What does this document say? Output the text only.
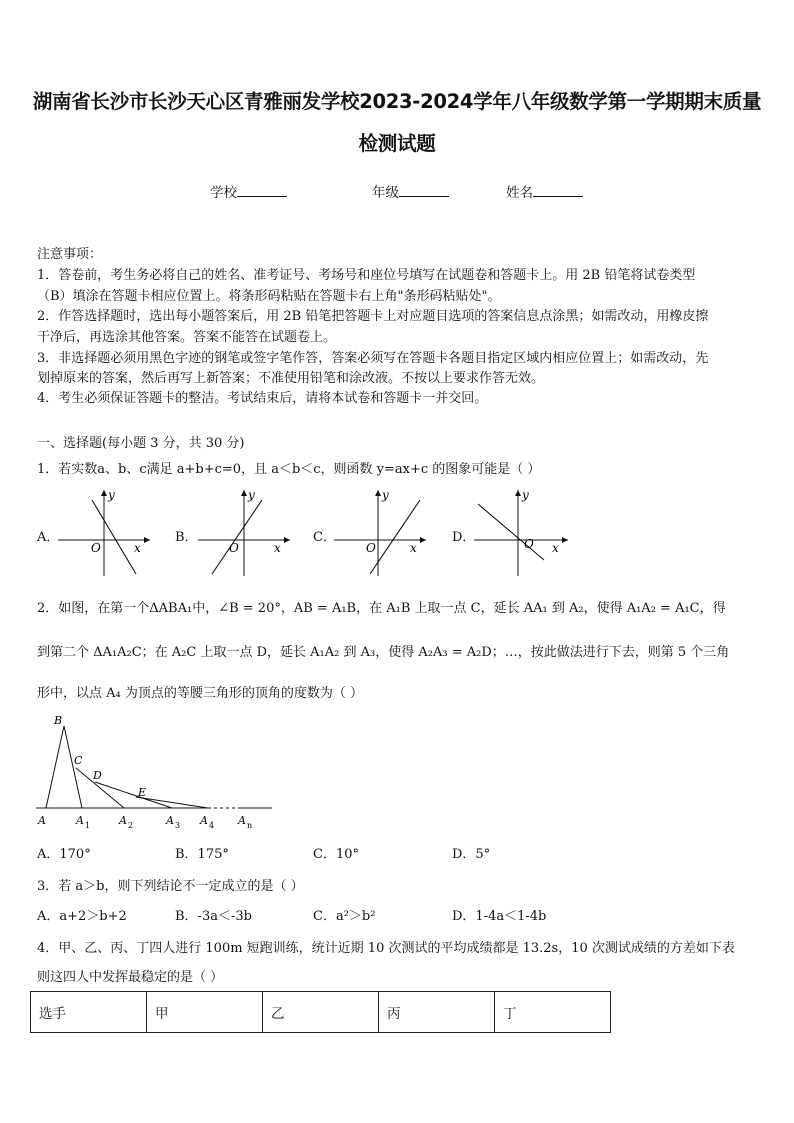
湖南省长沙市长沙天心区青雅丽发学校2023-2024学年八年级数学第一学期期末质量
检测试题
学校	年级	姓名
注意事项：
1．答卷前，考生务必将自己的姓名、准考证号、考场号和座位号填写在试题卷和答题卡上。用 2B 铅笔将试卷类型
（B）填涂在答题卡相应位置上。将条形码粘贴在答题卡右上角"条形码粘贴处"。
2．作答选择题时，选出每小题答案后，用 2B 铅笔把答题卡上对应题目选项的答案信息点涂黑；如需改动，用橡皮擦
干净后，再选涂其他答案。答案不能答在试题卷上。
3．非选择题必须用黑色字迹的钢笔或签字笔作答，答案必须写在答题卡各题目指定区域内相应位置上；如需改动，先
划掉原来的答案，然后再写上新答案；不准使用铅笔和涂改液。不按以上要求作答无效。
4．考生必须保证答题卡的整洁。考试结束后，请将本试卷和答题卡一并交回。
一、选择题(每小题 3 分，共 30 分)
1．若实数a、b、c满足 a+b+c=0，且 a＜b＜c，则函数 y=ax+c 的图象可能是（ ）
A．
y
x
O
B．
y
x
O
C．
y
x
O
D．
y
x
O
2．如图，在第一个ΔABA₁中，∠B = 20°，AB = A₁B，在 A₁B 上取一点 C，延长 AA₁ 到 A₂，使得 A₁A₂ = A₁C，得
到第二个 ΔA₁A₂C；在 A₂C 上取一点 D，延长 A₁A₂ 到 A₃，使得 A₂A₃ = A₂D；…，按此做法进行下去，则第 5 个三角
形中，以点 A₄ 为顶点的等腰三角形的顶角的度数为（ ）
B
C
D
E
A	A 1	A 2	A 3 A 4 A n
A．170°	B．175°	C．10°	D．5°
3．若 a＞b，则下列结论不一定成立的是（ ）
A．a+2＞b+2	B．-3a＜-3b	C．a²＞b²	D．1-4a＜1-4b
4．甲、乙、丙、丁四人进行 100m 短跑训练，统计近期 10 次测试的平均成绩都是 13.2s，10 次测试成绩的方差如下表
则这四人中发挥最稳定的是（ ）
选手	甲	乙	丙	丁
